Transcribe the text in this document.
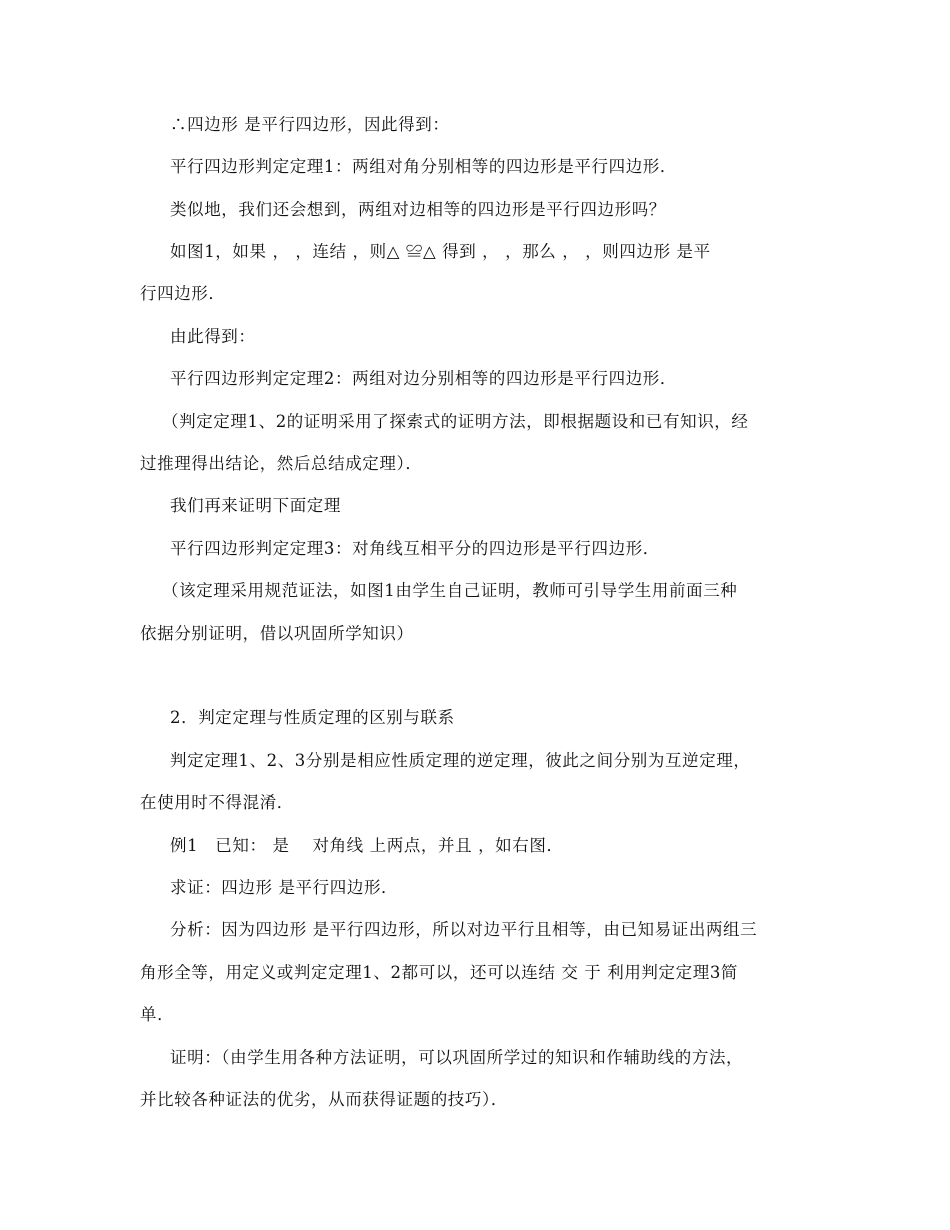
∴四边形 是平行四边形，因此得到：
平行四边形判定定理1：两组对角分别相等的四边形是平行四边形．
类似地，我们还会想到，两组对边相等的四边形是平行四边形吗？
如图1，如果 ， ，连结 ，则△ ≌△ 得到 ， ，那么 ， ，则四边形 是平
行四边形．
由此得到：
平行四边形判定定理2：两组对边分别相等的四边形是平行四边形．
（判定定理1、2的证明采用了探索式的证明方法，即根据题设和已有知识，经
过推理得出结论，然后总结成定理）．
我们再来证明下面定理
平行四边形判定定理3：对角线互相平分的四边形是平行四边形．
（该定理采用规范证法，如图1由学生自己证明，教师可引导学生用前面三种
依据分别证明，借以巩固所学知识）
2．判定定理与性质定理的区别与联系
判定定理1、2、3分别是相应性质定理的逆定理，彼此之间分别为互逆定理，
在使用时不得混淆．
例1　已知： 是　 对角线 上两点，并且 ，如右图．
求证：四边形 是平行四边形．
分析：因为四边形 是平行四边形，所以对边平行且相等，由已知易证出两组三
角形全等，用定义或判定定理1、2都可以，还可以连结 交 于 利用判定定理3简
单．
证明：（由学生用各种方法证明，可以巩固所学过的知识和作辅助线的方法，
并比较各种证法的优劣，从而获得证题的技巧）．
